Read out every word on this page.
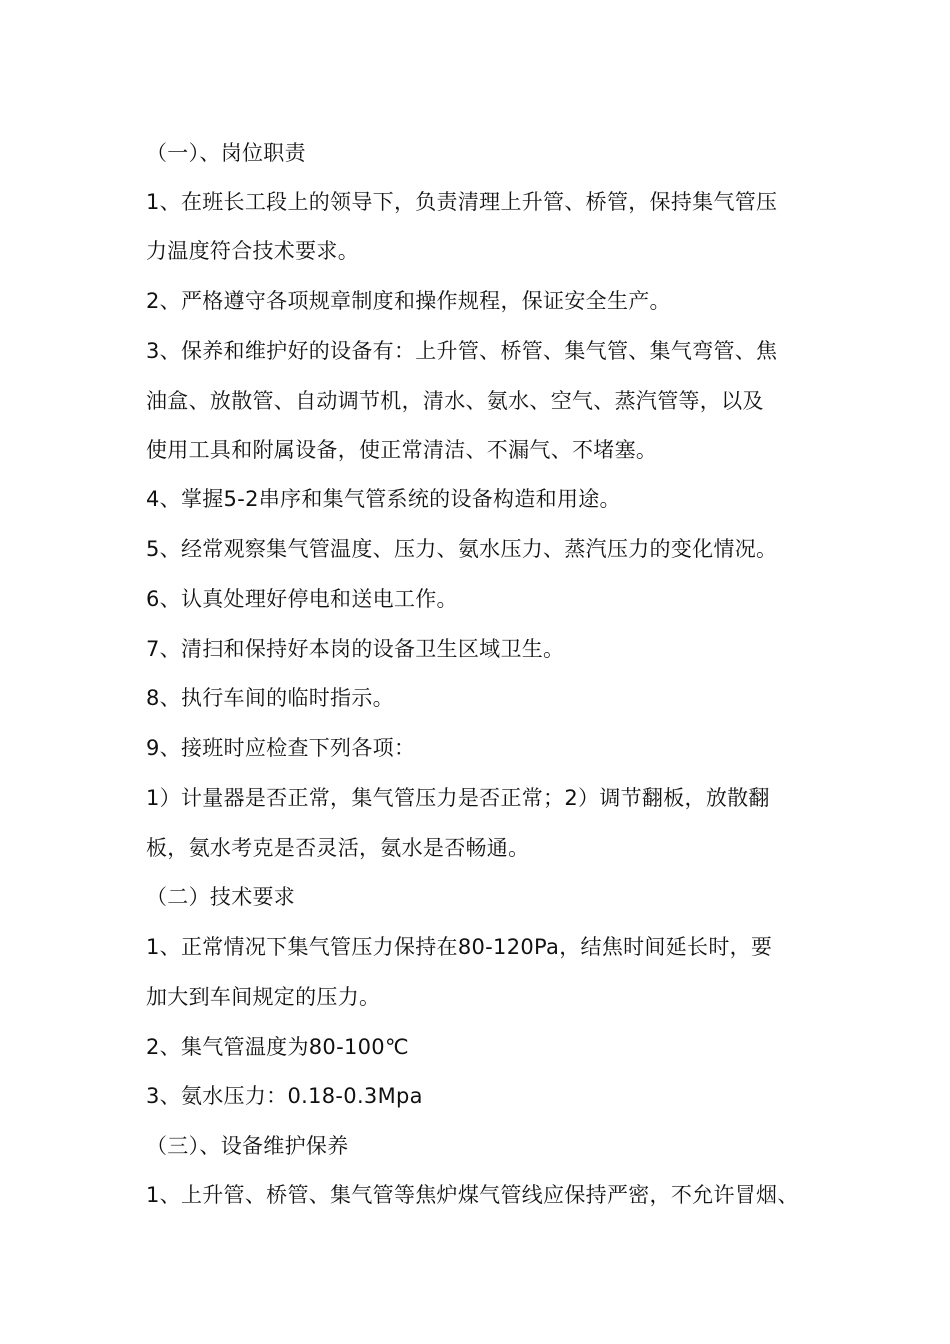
（一）、岗位职责
1、在班长工段上的领导下，负责清理上升管、桥管，保持集气管压
力温度符合技术要求。
2、严格遵守各项规章制度和操作规程，保证安全生产。
3、保养和维护好的设备有：上升管、桥管、集气管、集气弯管、焦
油盒、放散管、自动调节机，清水、氨水、空气、蒸汽管等，以及
使用工具和附属设备，使正常清洁、不漏气、不堵塞。
4、掌握5-2串序和集气管系统的设备构造和用途。
5、经常观察集气管温度、压力、氨水压力、蒸汽压力的变化情况。
6、认真处理好停电和送电工作。
7、清扫和保持好本岗的设备卫生区域卫生。
8、执行车间的临时指示。
9、接班时应检查下列各项：
1）计量器是否正常，集气管压力是否正常；2）调节翻板，放散翻
板，氨水考克是否灵活，氨水是否畅通。
（二）技术要求
1、正常情况下集气管压力保持在80-120Pa，结焦时间延长时，要
加大到车间规定的压力。
2、集气管温度为80-100℃
3、氨水压力：0.18-0.3Mpa
（三）、设备维护保养
1、上升管、桥管、集气管等焦炉煤气管线应保持严密，不允许冒烟、
